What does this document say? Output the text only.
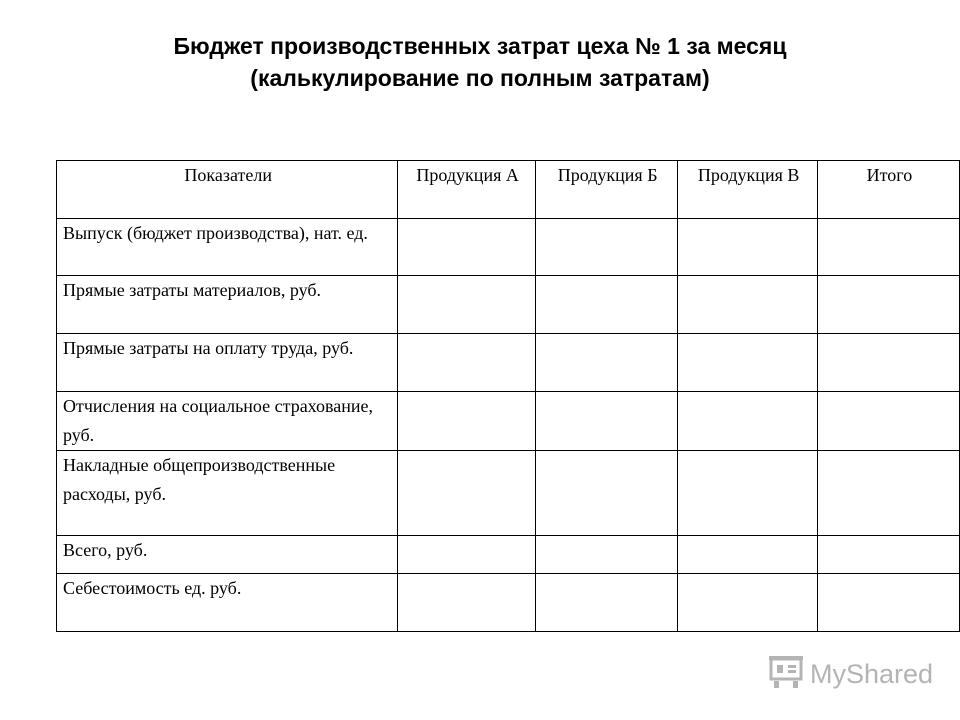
Бюджет производственных затрат цеха № 1 за месяц
(калькулирование по полным затратам)
Показатели	Продукция А	Продукция Б	Продукция В	Итого
Выпуск (бюджет производства), нат. ед.				
Прямые затраты материалов, руб.				
Прямые затраты на оплату труда, руб.				
Отчисления на социальное страхование, руб.				
Накладные общепроизводственные расходы, руб.				
Всего, руб.				
Себестоимость ед. руб.				
MyShared
